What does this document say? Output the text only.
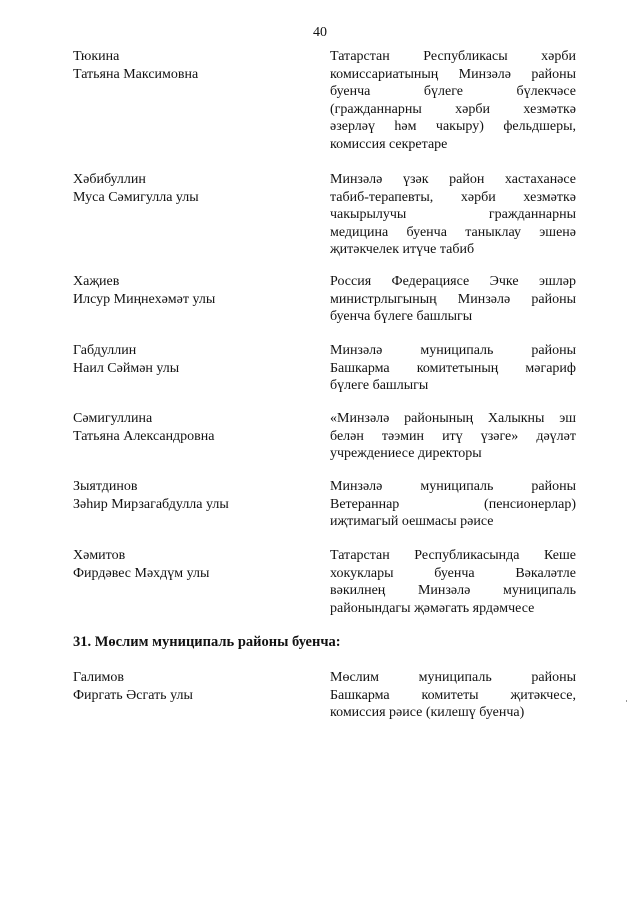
40
Тюкина
Татьяна Максимовна
Татарстан Республикасы хәрби
комиссариатының Минзәлә районы
буенча бүлеге бүлекчәсе
(гражданнарны хәрби хезмәткә
әзерләү һәм чакыру) фельдшеры,
комиссия секретаре
Хәбибуллин
Муса Сәмигулла улы
Минзәлә үзәк район хастаханәсе
табиб-терапевты, хәрби хезмәткә
чакырылучы гражданнарны
медицина буенча таныклау эшенә
җитәкчелек итүче табиб
Хаҗиев
Илсур Миңнехәмәт улы
Россия Федерациясе Эчке эшләр
министрлыгының Минзәлә районы
буенча бүлеге башлыгы
Габдуллин
Наил Сәймән улы
Минзәлә муниципаль районы
Башкарма комитетының мәгариф
бүлеге башлыгы
Сәмигуллина
Татьяна Александровна
«Минзәлә районының Халыкны эш
белән тәэмин итү үзәге» дәүләт
учреждениесе директоры
Зыятдинов
Зәһир Мирзагабдулла улы
Минзәлә муниципаль районы
Ветераннар (пенсионерлар)
иҗтимагый оешмасы рәисе
Хәмитов
Фирдәвес Мәхдүм улы
Татарстан Республикасында Кеше
хокуклары буенча Вәкаләтле
вәкилнең Минзәлә муниципаль
районындагы җәмәгать ярдәмчесе
31. Мөслим муниципаль районы буенча:
Галимов
Фиргать Әсгать улы
Мөслим муниципаль районы
Башкарма комитеты җитәкчесе,
комиссия рәисе (килешү буенча)
